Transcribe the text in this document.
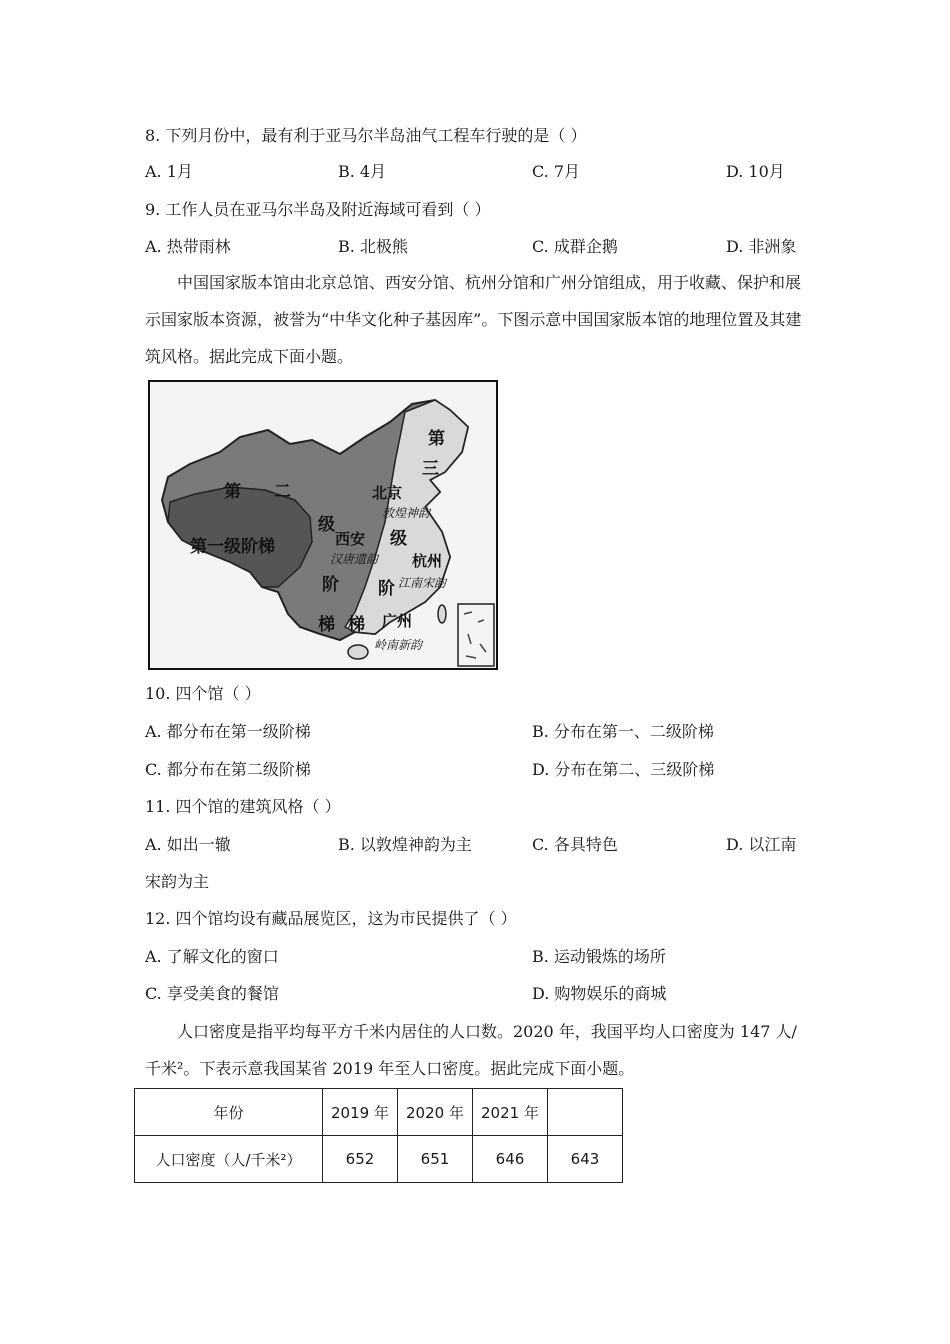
8. 下列月份中，最有利于亚马尔半岛油气工程车行驶的是（ ）
A. 1月	B. 4月	C. 7月	D. 10月
9. 工作人员在亚马尔半岛及附近海域可看到（ ）
A. 热带雨林	B. 北极熊	C. 成群企鹅	D. 非洲象
中国国家版本馆由北京总馆、西安分馆、杭州分馆和广州分馆组成，用于收藏、保护和展示国家版本资源，被誉为“中华文化种子基因库”。下图示意中国国家版本馆的地理位置及其建筑风格。据此完成下面小题。
第一级阶梯
第 二
级
阶
梯
第
三
级
阶
梯
北京
敦煌神韵
西安
汉唐遗韵 杭州
江南宋韵
广州
岭南新韵
10. 四个馆（ ）
A. 都分布在第一级阶梯	B. 分布在第一、二级阶梯
C. 都分布在第二级阶梯	D. 分布在第二、三级阶梯
11. 四个馆的建筑风格（ ）
A. 如出一辙	B. 以敦煌神韵为主	C. 各具特色	D. 以江南
宋韵为主
12. 四个馆均设有藏品展览区，这为市民提供了（ ）
A. 了解文化的窗口	B. 运动锻炼的场所
C. 享受美食的餐馆	D. 购物娱乐的商城
人口密度是指平均每平方千米内居住的人口数。2020 年，我国平均人口密度为 147 人/
千米²。下表示意我国某省 2019 年至人口密度。据此完成下面小题。
年份	2019 年	2020 年	2021 年	
人口密度（人/千米²）	652	651	646	643
